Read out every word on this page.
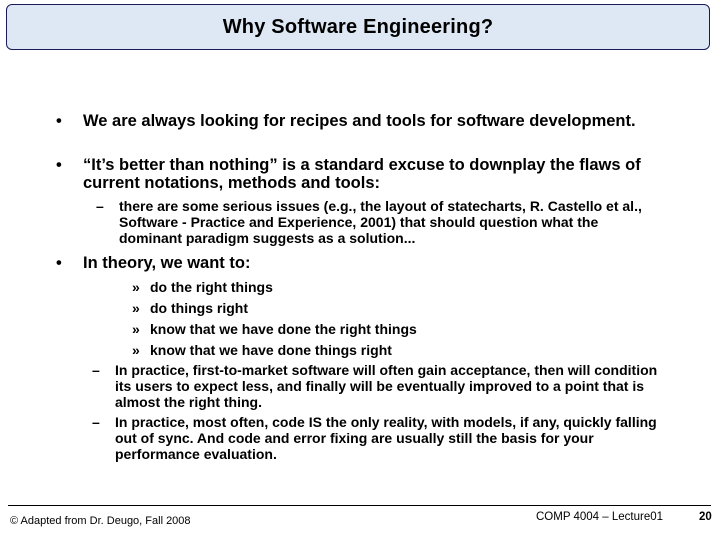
Why Software Engineering?
• We are always looking for recipes and tools for software development.
• “It’s better than nothing” is a standard excuse to downplay the flaws of current notations, methods and tools:
– there are some serious issues (e.g., the layout of statecharts, R. Castello et al., Software - Practice and Experience, 2001) that should question what the dominant paradigm suggests as a solution...
• In theory, we want to:
» do the right things
» do things right
» know that we have done the right things
» know that we have done things right
– In practice, first-to-market software will often gain acceptance, then will condition its users to expect less, and finally will be eventually improved to a point that is almost the right thing.
– In practice, most often, code IS the only reality, with models, if any, quickly falling out of sync. And code and error fixing are usually still the basis for your performance evaluation.
© Adapted from Dr. Deugo, Fall 2008	COMP 4004 – Lecture01	20
